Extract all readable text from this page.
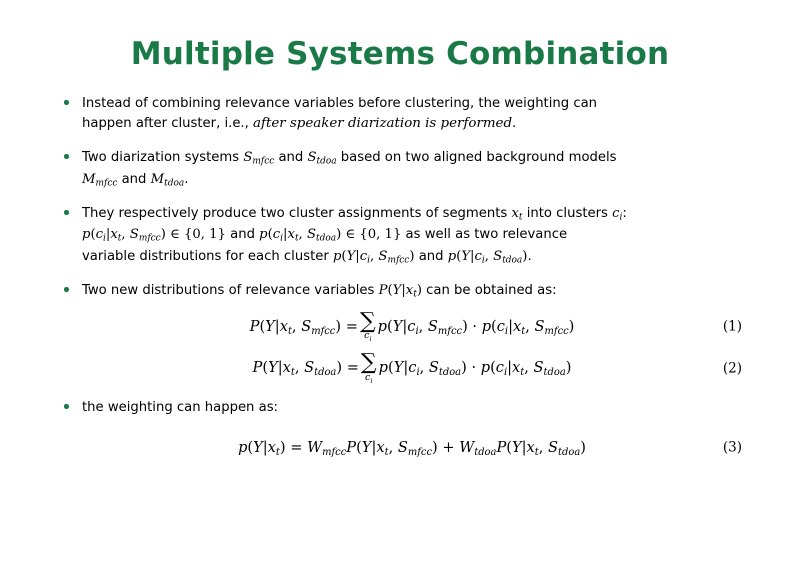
Multiple Systems Combination
Instead of combining relevance variables before clustering, the weighting can
happen after cluster, i.e., after speaker diarization is performed.
Two diarization systems $S_{mfcc}$ and $S_{tdoa}$ based on two aligned background models
$M_{mfcc}$ and $M_{tdoa}$.
They respectively produce two cluster assignments of segments $x_t$ into clusters $c_i$:
$p(c_i|x_t$, $S_{mfcc}$) ∈ {0, 1} and $p(c_i|x_t$, $S_{tdoa}$) ∈ {0, 1} as well as two relevance
variable distributions for each cluster $p(Y|c_i$, $S_{mfcc}$) and $p(Y|c_i$, $S_{tdoa}$).
Two new distributions of relevance variables $P(Y|x_t)$ can be obtained as:
$P(Y|x_t$, $S_{mfcc}$) = ∑
$c_i$
$p(Y|c_i$, $S_{mfcc}) \cdot p(c_i|x_t$, $S_{mfcc}$)	(1)
$P(Y|x_t$, $S_{tdoa}$) = ∑
$c_i$
$p(Y|c_i$, $S_{tdoa}) \cdot p(c_i|x_t$, $S_{tdoa}$)	(2)
the weighting can happen as:
$p(Y|x_t) = W_{mfcc}P(Y|x_t$, $S_{mfcc}) + W_{tdoa}P(Y|x_t$, $S_{tdoa}$)	(3)
